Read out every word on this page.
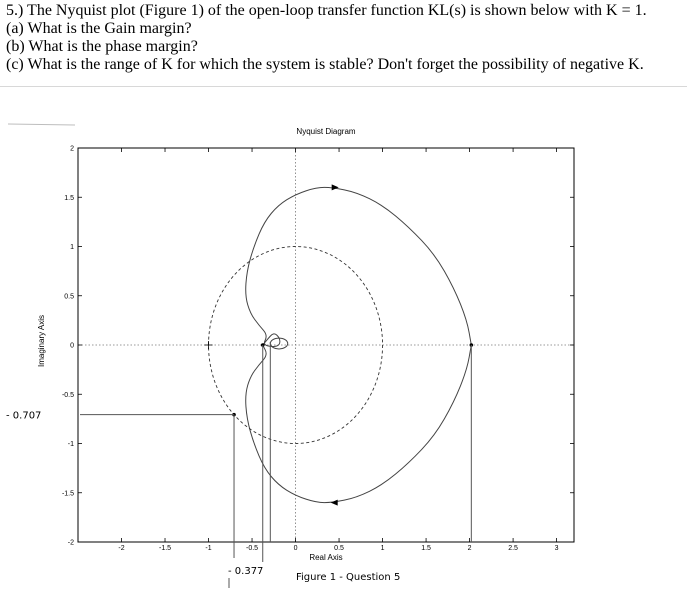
5.) The Nyquist plot (Figure 1) of the open-loop transfer function KL(s) is shown below with K = 1.
(a) What is the Gain margin?
(b) What is the phase margin?
(c) What is the range of K for which the system is stable? Don't forget the possibility of negative K.
Nyquist Diagram
Real Axis
Imaginary Axis
-2	-1.5	-1	-0.5	0	0.5	1	1.5	2	2.5	3
2
1.5
1
0.5
0
-0.5
-1
-1.5
-2
- 0.707
- 0.377
Figure 1 - Question 5
